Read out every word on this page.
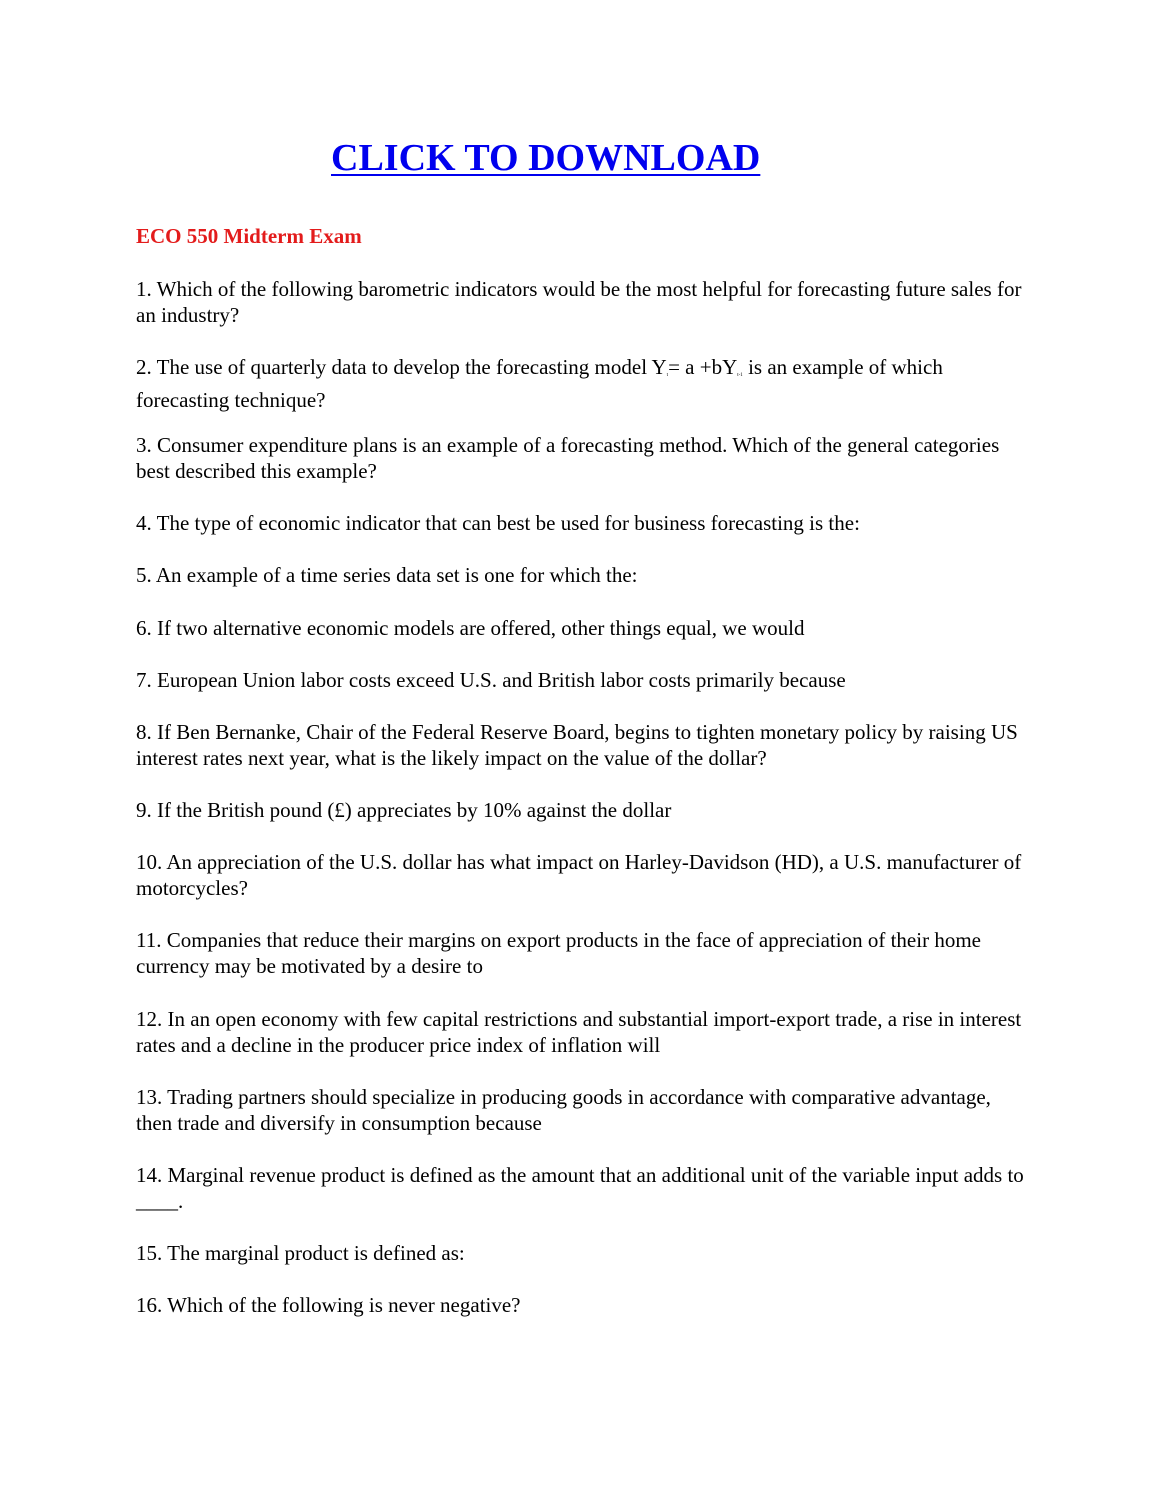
CLICK TO DOWNLOAD
ECO 550 Midterm Exam
1. Which of the following barometric indicators would be the most helpful for forecasting future sales for an industry?
2. The use of quarterly data to develop the forecasting model $Y_t= a +bY_{t-1}$ is an example of which forecasting technique?
3. Consumer expenditure plans is an example of a forecasting method. Which of the general categories best described this example?
4. The type of economic indicator that can best be used for business forecasting is the:
5. An example of a time series data set is one for which the:
6. If two alternative economic models are offered, other things equal, we would
7. European Union labor costs exceed U.S. and British labor costs primarily because
8. If Ben Bernanke, Chair of the Federal Reserve Board, begins to tighten monetary policy by raising US interest rates next year, what is the likely impact on the value of the dollar?
9. If the British pound (£) appreciates by 10% against the dollar
10. An appreciation of the U.S. dollar has what impact on Harley-Davidson (HD), a U.S. manufacturer of motorcycles?
11. Companies that reduce their margins on export products in the face of appreciation of their home currency may be motivated by a desire to
12. In an open economy with few capital restrictions and substantial import-export trade, a rise in interest rates and a decline in the producer price index of inflation will
13. Trading partners should specialize in producing goods in accordance with comparative advantage, then trade and diversify in consumption because
14. Marginal revenue product is defined as the amount that an additional unit of the variable input adds to ____.
15. The marginal product is defined as:
16. Which of the following is never negative?
